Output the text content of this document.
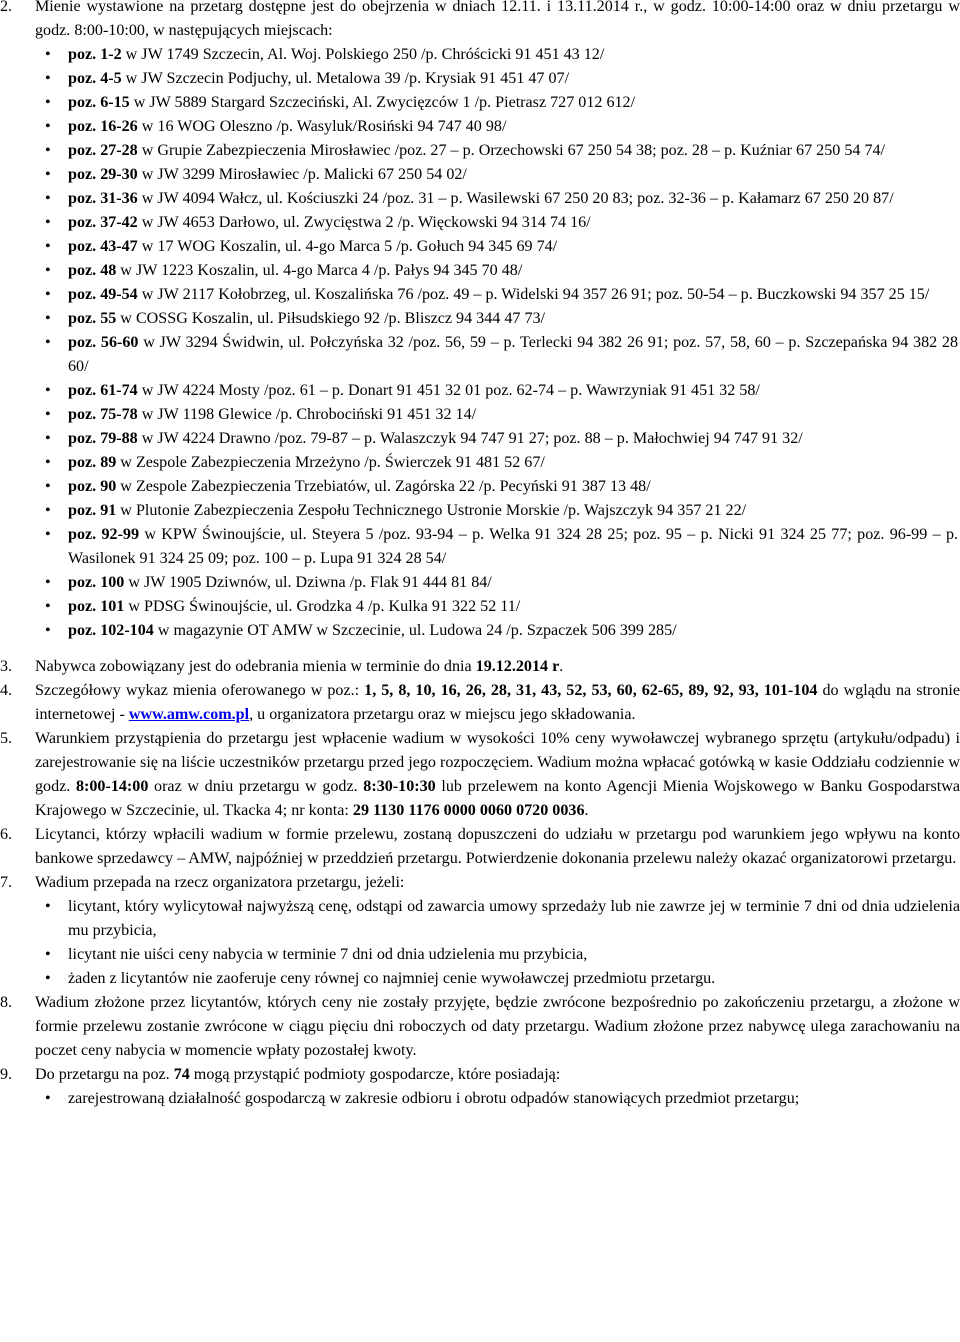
2. Mienie wystawione na przetarg dostępne jest do obejrzenia w dniach 12.11. i 13.11.2014 r., w godz. 10:00-14:00 oraz w dniu przetargu w godz. 8:00-10:00, w następujących miejscach:
• poz. 1-2 w JW 1749 Szczecin, Al. Woj. Polskiego 250 /p. Chróścicki 91 451 43 12/
• poz. 4-5 w JW Szczecin Podjuchy, ul. Metalowa 39 /p. Krysiak 91 451 47 07/
• poz. 6-15 w JW 5889 Stargard Szczeciński, Al. Zwycięzców 1 /p. Pietrasz 727 012 612/
• poz. 16-26 w 16 WOG Oleszno /p. Wasyluk/Rosiński 94 747 40 98/
• poz. 27-28 w Grupie Zabezpieczenia Mirosławiec /poz. 27 – p. Orzechowski 67 250 54 38; poz. 28 – p. Kuźniar 67 250 54 74/
• poz. 29-30 w JW 3299 Mirosławiec /p. Malicki 67 250 54 02/
• poz. 31-36 w JW 4094 Wałcz, ul. Kościuszki 24 /poz. 31 – p. Wasilewski 67 250 20 83; poz. 32-36 – p. Kałamarz 67 250 20 87/
• poz. 37-42 w JW 4653 Darłowo, ul. Zwycięstwa 2 /p. Więckowski 94 314 74 16/
• poz. 43-47 w 17 WOG Koszalin, ul. 4-go Marca 5 /p. Gołuch 94 345 69 74/
• poz. 48 w JW 1223 Koszalin, ul. 4-go Marca 4 /p. Pałys 94 345 70 48/
• poz. 49-54 w JW 2117 Kołobrzeg, ul. Koszalińska 76 /poz. 49 – p. Widelski 94 357 26 91; poz. 50-54 – p. Buczkowski 94 357 25 15/
• poz. 55 w COSSG Koszalin, ul. Piłsudskiego 92 /p. Bliszcz 94 344 47 73/
• poz. 56-60 w JW 3294 Świdwin, ul. Połczyńska 32 /poz. 56, 59 – p. Terlecki 94 382 26 91; poz. 57, 58, 60 – p. Szczepańska 94 382 28 60/
• poz. 61-74 w JW 4224 Mosty /poz. 61 – p. Donart 91 451 32 01 poz. 62-74 – p. Wawrzyniak 91 451 32 58/
• poz. 75-78 w JW 1198 Glewice /p. Chrobociński 91 451 32 14/
• poz. 79-88 w JW 4224 Drawno /poz. 79-87 – p. Walaszczyk 94 747 91 27; poz. 88 – p. Małochwiej 94 747 91 32/
• poz. 89 w Zespole Zabezpieczenia Mrzeżyno /p. Świerczek 91 481 52 67/
• poz. 90 w Zespole Zabezpieczenia Trzebiatów, ul. Zagórska 22 /p. Pecyński 91 387 13 48/
• poz. 91 w Plutonie Zabezpieczenia Zespołu Technicznego Ustronie Morskie /p. Wajszczyk 94 357 21 22/
• poz. 92-99 w KPW Świnoujście, ul. Steyera 5 /poz. 93-94 – p. Welka 91 324 28 25; poz. 95 – p. Nicki 91 324 25 77; poz. 96-99 – p. Wasilonek 91 324 25 09; poz. 100 – p. Lupa 91 324 28 54/
• poz. 100 w JW 1905 Dziwnów, ul. Dziwna /p. Flak 91 444 81 84/
• poz. 101 w PDSG Świnoujście, ul. Grodzka 4 /p. Kulka 91 322 52 11/
• poz. 102-104 w magazynie OT AMW w Szczecinie, ul. Ludowa 24 /p. Szpaczek 506 399 285/
3. Nabywca zobowiązany jest do odebrania mienia w terminie do dnia 19.12.2014 r.
4. Szczegółowy wykaz mienia oferowanego w poz.: 1, 5, 8, 10, 16, 26, 28, 31, 43, 52, 53, 60, 62-65, 89, 92, 93, 101-104 do wglądu na stronie internetowej - www.amw.com.pl, u organizatora przetargu oraz w miejscu jego składowania.
5. Warunkiem przystąpienia do przetargu jest wpłacenie wadium w wysokości 10% ceny wywoławczej wybranego sprzętu (artykułu/odpadu) i zarejestrowanie się na liście uczestników przetargu przed jego rozpoczęciem. Wadium można wpłacać gotówką w kasie Oddziału codziennie w godz. 8:00-14:00 oraz w dniu przetargu w godz. 8:30-10:30 lub przelewem na konto Agencji Mienia Wojskowego w Banku Gospodarstwa Krajowego w Szczecinie, ul. Tkacka 4; nr konta: 29 1130 1176 0000 0060 0720 0036.
6. Licytanci, którzy wpłacili wadium w formie przelewu, zostaną dopuszczeni do udziału w przetargu pod warunkiem jego wpływu na konto bankowe sprzedawcy – AMW, najpóźniej w przeddzień przetargu. Potwierdzenie dokonania przelewu należy okazać organizatorowi przetargu.
7. Wadium przepada na rzecz organizatora przetargu, jeżeli:
• licytant, który wylicytował najwyższą cenę, odstąpi od zawarcia umowy sprzedaży lub nie zawrze jej w terminie 7 dni od dnia udzielenia mu przybicia,
• licytant nie uiści ceny nabycia w terminie 7 dni od dnia udzielenia mu przybicia,
• żaden z licytantów nie zaoferuje ceny równej co najmniej cenie wywoławczej przedmiotu przetargu.
8. Wadium złożone przez licytantów, których ceny nie zostały przyjęte, będzie zwrócone bezpośrednio po zakończeniu przetargu, a złożone w formie przelewu zostanie zwrócone w ciągu pięciu dni roboczych od daty przetargu. Wadium złożone przez nabywcę ulega zarachowaniu na poczet ceny nabycia w momencie wpłaty pozostałej kwoty.
9. Do przetargu na poz. 74 mogą przystąpić podmioty gospodarcze, które posiadają:
• zarejestrowaną działalność gospodarczą w zakresie odbioru i obrotu odpadów stanowiących przedmiot przetargu;
